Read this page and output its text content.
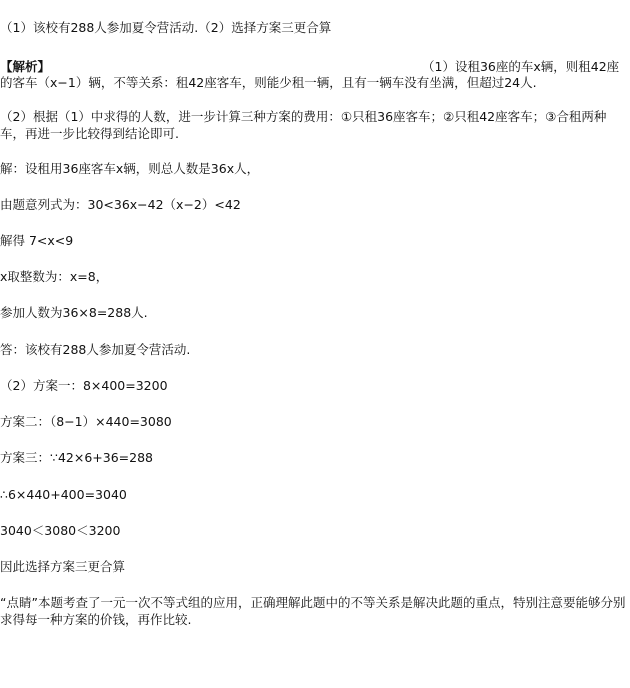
（1）该校有288人参加夏令营活动.（2）选择方案三更合算
【解析】	（1）设租36座的车x辆，则租42座
的客车（x−1）辆，不等关系：租42座客车，则能少租一辆，且有一辆车没有坐满，但超过24人.
（2）根据（1）中求得的人数，进一步计算三种方案的费用：①只租36座客车；②只租42座客车；③合租两种车，再进一步比较得到结论即可.
解：设租用36座客车x辆，则总人数是36x人，
由题意列式为：30<36x−42（x−2）<42
解得 7<x<9
x取整数为：x=8，
参加人数为36×8=288人.
答：该校有288人参加夏令营活动.
（2）方案一：8×400=3200
方案二：（8−1）×440=3080
方案三：∵42×6+36=288
∴6×440+400=3040
3040＜3080＜3200
因此选择方案三更合算
“点睛”本题考查了一元一次不等式组的应用，正确理解此题中的不等关系是解决此题的重点，特别注意要能够分别求得每一种方案的价钱，再作比较.
